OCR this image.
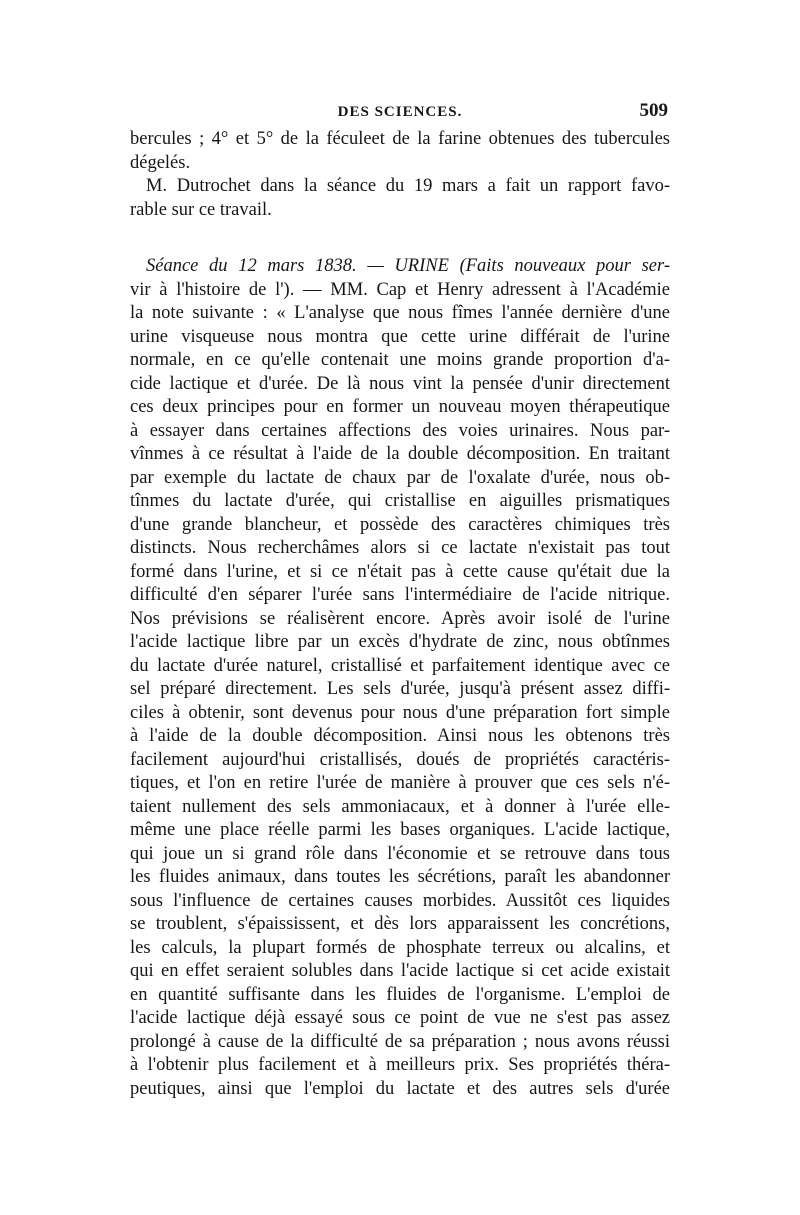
DES SCIENCES.	509
bercules ; 4° et 5° de la féculeet de la farine obtenues des tubercules
dégelés.
M. Dutrochet dans la séance du 19 mars a fait un rapport favo-
rable sur ce travail.
Séance du 12 mars 1838. — URINE (Faits nouveaux pour ser-
vir à l'histoire de l'). — MM. Cap et Henry adressent à l'Académie
la note suivante : « L'analyse que nous fîmes l'année dernière d'une
urine visqueuse nous montra que cette urine différait de l'urine
normale, en ce qu'elle contenait une moins grande proportion d'a-
cide lactique et d'urée. De là nous vint la pensée d'unir directement
ces deux principes pour en former un nouveau moyen thérapeutique
à essayer dans certaines affections des voies urinaires. Nous par-
vînmes à ce résultat à l'aide de la double décomposition. En traitant
par exemple du lactate de chaux par de l'oxalate d'urée, nous ob-
tînmes du lactate d'urée, qui cristallise en aiguilles prismatiques
d'une grande blancheur, et possède des caractères chimiques très
distincts. Nous recherchâmes alors si ce lactate n'existait pas tout
formé dans l'urine, et si ce n'était pas à cette cause qu'était due la
difficulté d'en séparer l'urée sans l'intermédiaire de l'acide nitrique.
Nos prévisions se réalisèrent encore. Après avoir isolé de l'urine
l'acide lactique libre par un excès d'hydrate de zinc, nous obtînmes
du lactate d'urée naturel, cristallisé et parfaitement identique avec ce
sel préparé directement. Les sels d'urée, jusqu'à présent assez diffi-
ciles à obtenir, sont devenus pour nous d'une préparation fort simple
à l'aide de la double décomposition. Ainsi nous les obtenons très
facilement aujourd'hui cristallisés, doués de propriétés caractéris-
tiques, et l'on en retire l'urée de manière à prouver que ces sels n'é-
taient nullement des sels ammoniacaux, et à donner à l'urée elle-
même une place réelle parmi les bases organiques. L'acide lactique,
qui joue un si grand rôle dans l'économie et se retrouve dans tous
les fluides animaux, dans toutes les sécrétions, paraît les abandonner
sous l'influence de certaines causes morbides. Aussitôt ces liquides
se troublent, s'épaississent, et dès lors apparaissent les concrétions,
les calculs, la plupart formés de phosphate terreux ou alcalins, et
qui en effet seraient solubles dans l'acide lactique si cet acide existait
en quantité suffisante dans les fluides de l'organisme. L'emploi de
l'acide lactique déjà essayé sous ce point de vue ne s'est pas assez
prolongé à cause de la difficulté de sa préparation ; nous avons réussi
à l'obtenir plus facilement et à meilleurs prix. Ses propriétés théra-
peutiques, ainsi que l'emploi du lactate et des autres sels d'urée
